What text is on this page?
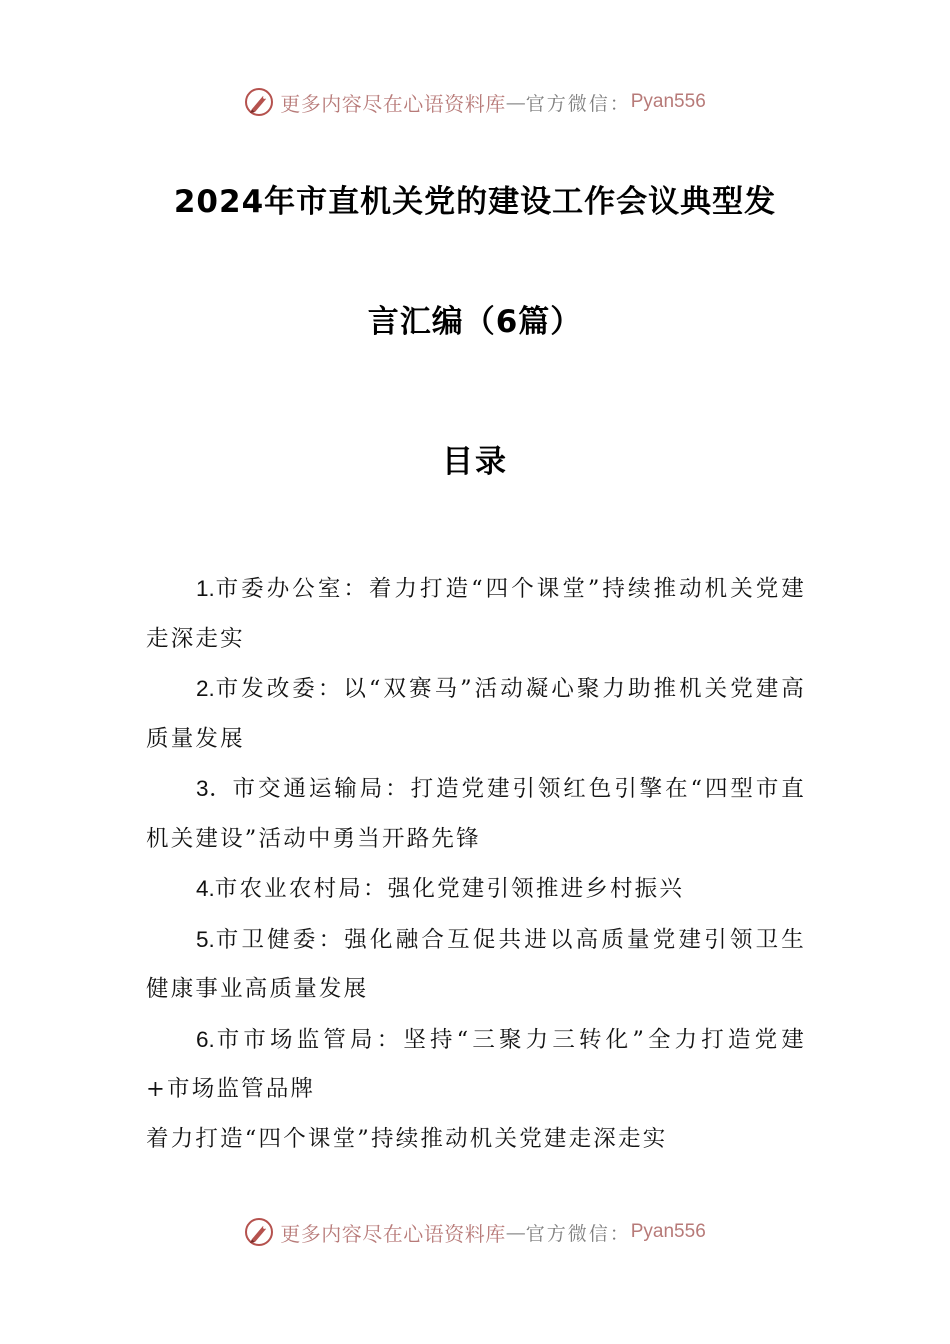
更多内容尽在心语资料库 — 官方微信： Pyan556
2024年市直机关党的建设工作会议典型发
言汇编（6篇）
目录

1.市委办公室：着力打造“四个课堂”持续推动机关党建走深走实

2.市发改委：以“双赛马”活动凝心聚力助推机关党建高质量发展

3．市交通运输局：打造党建引领红色引擎在“四型市直机关建设”活动中勇当开路先锋

4.市农业农村局：强化党建引领推进乡村振兴

5.市卫健委：强化融合互促共进以高质量党建引领卫生健康事业高质量发展

6.市市场监管局：坚持“三聚力三转化”全力打造党建+市场监管品牌

着力打造“四个课堂”持续推动机关党建走深走实

更多内容尽在心语资料库 — 官方微信： Pyan556
